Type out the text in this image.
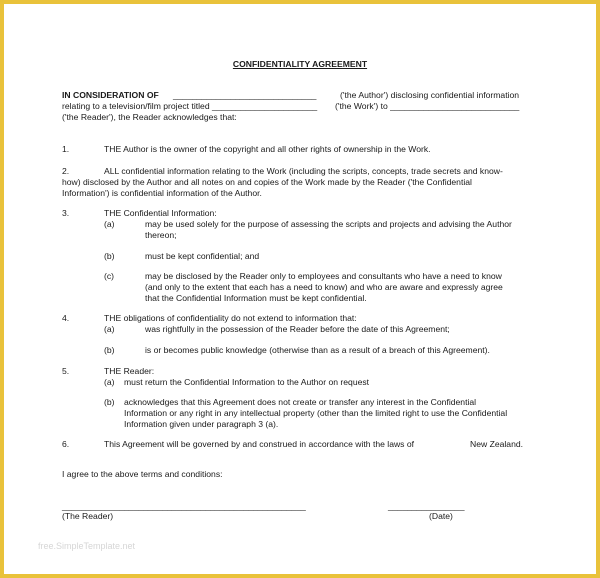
CONFIDENTIALITY AGREEMENT
IN CONSIDERATION OF ______________________________	('the Author') disclosing confidential information
relating to a television/film project titled ______________________ ('the Work') to ___________________________
('the Reader'), the Reader acknowledges that:
1.	THE Author is the owner of the copyright and all other rights of ownership in the Work.
2.	ALL confidential information relating to the Work (including the scripts, concepts, trade secrets and know-
how) disclosed by the Author and all notes on and copies of the Work made by the Reader ('the Confidential
Information') is confidential information of the Author.
3.	THE Confidential Information:
(a)	may be used solely for the purpose of assessing the scripts and projects and advising the Author
thereon;
(b)	must be kept confidential; and
(c)	may be disclosed by the Reader only to employees and consultants who have a need to know
(and only to the extent that each has a need to know) and who are aware and expressly agree
that the Confidential Information must be kept confidential.
4.	THE obligations of confidentiality do not extend to information that:
(a)	was rightfully in the possession of the Reader before the date of this Agreement;
(b)	is or becomes public knowledge (otherwise than as a result of a breach of this Agreement).
5.	THE Reader:
(a) must return the Confidential Information to the Author on request
(b) acknowledges that this Agreement does not create or transfer any interest in the Confidential
Information or any right in any intellectual property (other than the limited right to use the Confidential
Information given under paragraph 3 (a).
6.	This Agreement will be governed by and construed in accordance with the laws of	New Zealand.
I agree to the above terms and conditions:
___________________________________________________	________________
(The Reader)	(Date)
free.SimpleTemplate.net
